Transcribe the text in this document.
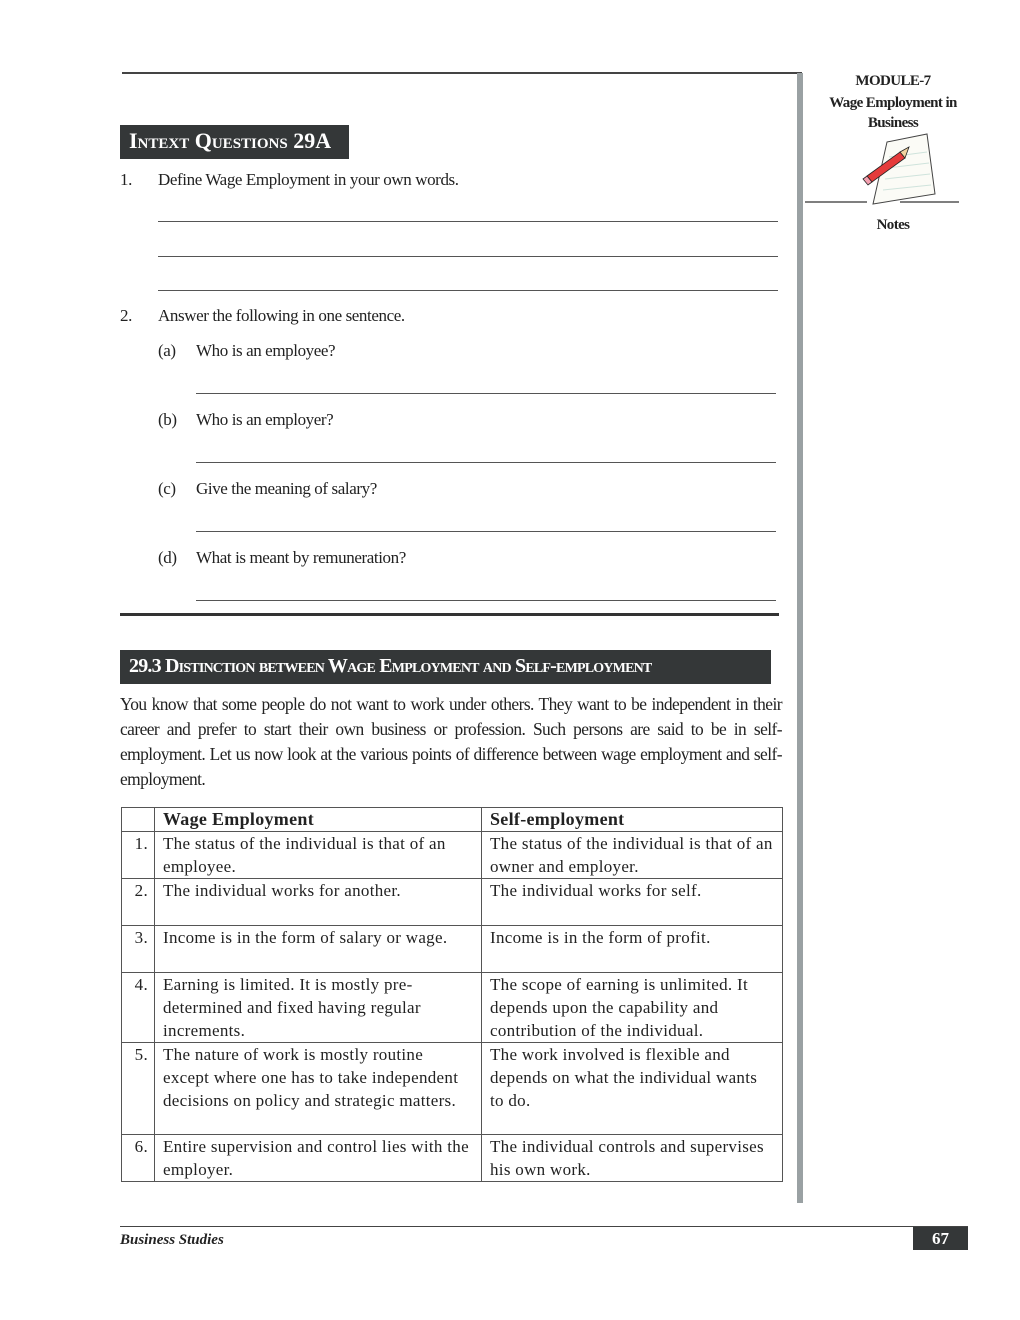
MODULE-7
Wage Employment in
Business
Notes
Intext Questions 29A
1. Define Wage Employment in your own words.
2. Answer the following in one sentence.
(a) Who is an employee?
(b) Who is an employer?
(c) Give the meaning of salary?
(d) What is meant by remuneration?
29.3 Distinction between Wage Employment and Self-employment
You know that some people do not want to work under others. They want to be independent in their career and prefer to start their own business or profession. Such persons are said to be in self-employment. Let us now look at the various points of difference between wage employment and self-employment.
	Wage Employment	Self-employment
1.	The status of the individual is that of an employee.	The status of the individual is that of an owner and employer.
2.	The individual works for another.	The individual works for self.
3.	Income is in the form of salary or wage.	Income is in the form of profit.
4.	Earning is limited. It is mostly pre-determined and fixed having regular increments.	The scope of earning is unlimited. It depends upon the capability and contribution of the individual.
5.	The nature of work is mostly routine except where one has to take independent decisions on policy and strategic matters.	The work involved is flexible and depends on what the individual wants to do.
6.	Entire supervision and control lies with the employer.	The individual controls and supervises his own work.
Business Studies	67
